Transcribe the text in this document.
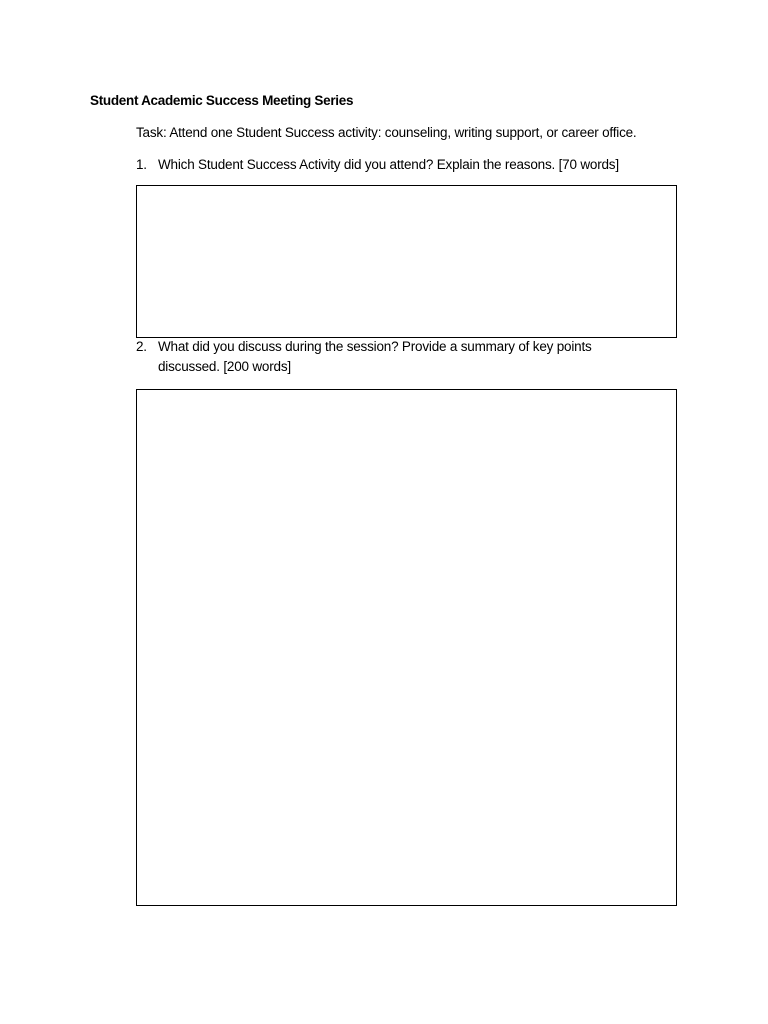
Student Academic Success Meeting Series
Task: Attend one Student Success activity: counseling, writing support, or career office.
1. Which Student Success Activity did you attend? Explain the reasons. [70 words]
2. What did you discuss during the session? Provide a summary of key points discussed. [200 words]
